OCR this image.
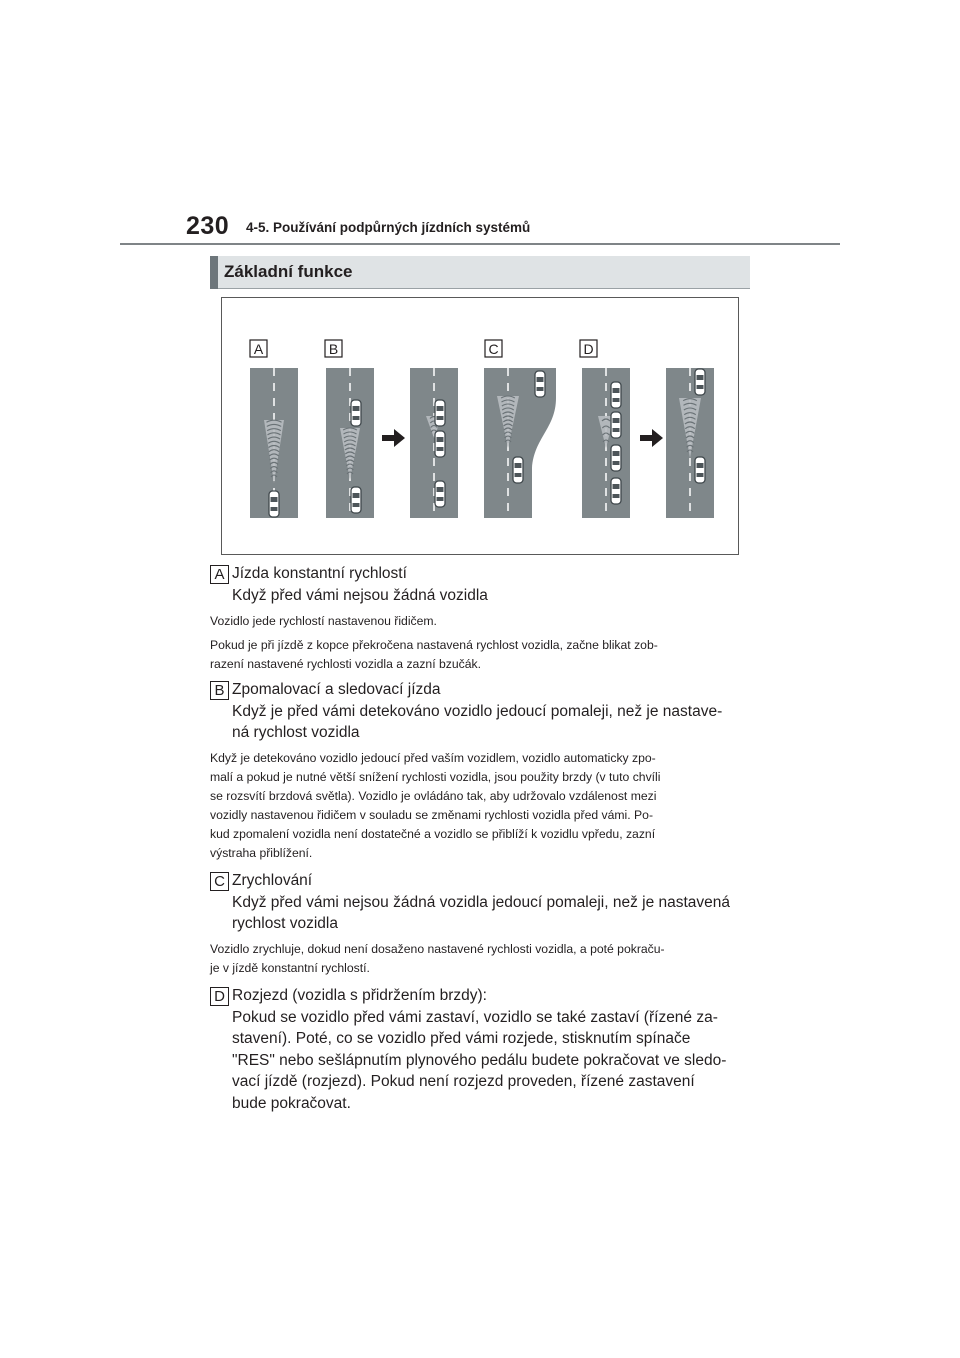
230 4-5. Používání podpůrných jízdních systémů
Základní funkce
A	B	C	D
A Jízda konstantní rychlostí
Když před vámi nejsou žádná vozidla
Vozidlo jede rychlostí nastavenou řidičem.
Pokud je při jízdě z kopce překročena nastavená rychlost vozidla, začne blikat zob-
razení nastavené rychlosti vozidla a zazní bzučák.
B Zpomalovací a sledovací jízda
Když je před vámi detekováno vozidlo jedoucí pomaleji, než je nastave-
ná rychlost vozidla
Když je detekováno vozidlo jedoucí před vaším vozidlem, vozidlo automaticky zpo-
malí a pokud je nutné větší snížení rychlosti vozidla, jsou použity brzdy (v tuto chvíli
se rozsvítí brzdová světla). Vozidlo je ovládáno tak, aby udržovalo vzdálenost mezi
vozidly nastavenou řidičem v souladu se změnami rychlosti vozidla před vámi. Po-
kud zpomalení vozidla není dostatečné a vozidlo se přiblíží k vozidlu vpředu, zazní
výstraha přiblížení.
C Zrychlování
Když před vámi nejsou žádná vozidla jedoucí pomaleji, než je nastavená
rychlost vozidla
Vozidlo zrychluje, dokud není dosaženo nastavené rychlosti vozidla, a poté pokraču-
je v jízdě konstantní rychlostí.
D Rozjezd (vozidla s přidržením brzdy):
Pokud se vozidlo před vámi zastaví, vozidlo se také zastaví (řízené za-
stavení). Poté, co se vozidlo před vámi rozjede, stisknutím spínače
"RES" nebo sešlápnutím plynového pedálu budete pokračovat ve sledo-
vací jízdě (rozjezd). Pokud není rozjezd proveden, řízené zastavení
bude pokračovat.
